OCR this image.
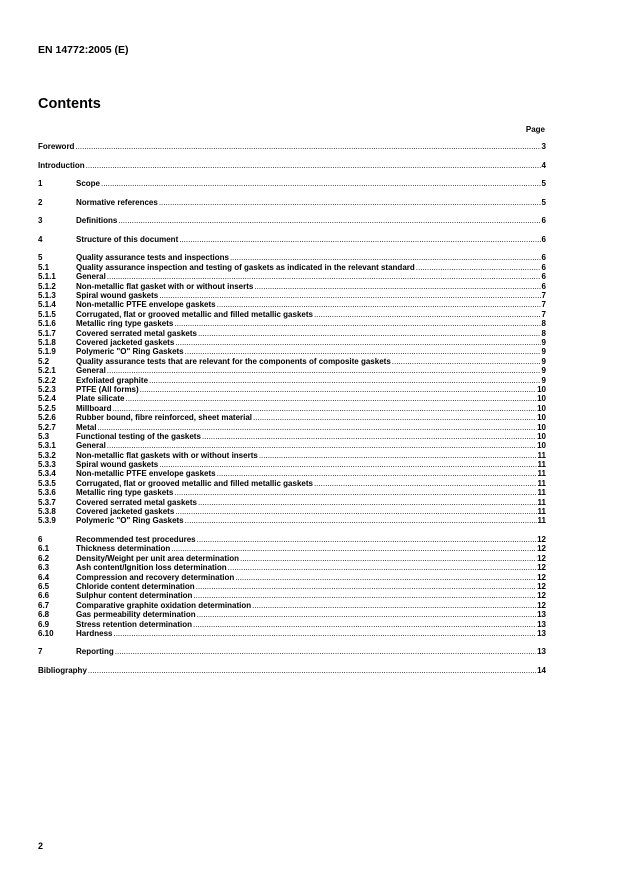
EN 14772:2005 (E)
Contents
Page
Foreword .....	3
Introduction .....	4
1	Scope .....	5
2	Normative references .....	5
3	Definitions .....	6
4	Structure of this document .....	6
5	Quality assurance tests and inspections .....	6
5.1	Quality assurance inspection and testing of gaskets as indicated in the relevant standard .....	6
5.1.1	General .....	6
5.1.2	Non-metallic flat gasket with or without inserts .....	6
5.1.3	Spiral wound gaskets .....	7
5.1.4	Non-metallic PTFE envelope gaskets .....	7
5.1.5	Corrugated, flat or grooved metallic and filled metallic gaskets .....	7
5.1.6	Metallic ring type gaskets .....	8
5.1.7	Covered serrated metal gaskets .....	8
5.1.8	Covered jacketed gaskets .....	9
5.1.9	Polymeric "O" Ring Gaskets .....	9
5.2	Quality assurance tests that are relevant for the components of composite gaskets .....	9
5.2.1	General .....	9
5.2.2	Exfoliated graphite .....	9
5.2.3	PTFE (All forms) .....	10
5.2.4	Plate silicate .....	10
5.2.5	Millboard .....	10
5.2.6	Rubber bound, fibre reinforced, sheet material .....	10
5.2.7	Metal .....	10
5.3	Functional testing of the gaskets .....	10
5.3.1	General .....	10
5.3.2	Non-metallic flat gaskets with or without inserts .....	11
5.3.3	Spiral wound gaskets .....	11
5.3.4	Non-metallic PTFE envelope gaskets .....	11
5.3.5	Corrugated, flat or grooved metallic and filled metallic gaskets .....	11
5.3.6	Metallic ring type gaskets .....	11
5.3.7	Covered serrated metal gaskets .....	11
5.3.8	Covered jacketed gaskets .....	11
5.3.9	Polymeric "O" Ring Gaskets .....	11
6	Recommended test procedures .....	12
6.1	Thickness determination .....	12
6.2	Density/Weight per unit area determination .....	12
6.3	Ash content/Ignition loss determination .....	12
6.4	Compression and recovery determination .....	12
6.5	Chloride content determination .....	12
6.6	Sulphur content determination .....	12
6.7	Comparative graphite oxidation determination .....	12
6.8	Gas permeability determination .....	13
6.9	Stress retention determination .....	13
6.10	Hardness .....	13
7	Reporting .....	13
Bibliography .....	14
2
